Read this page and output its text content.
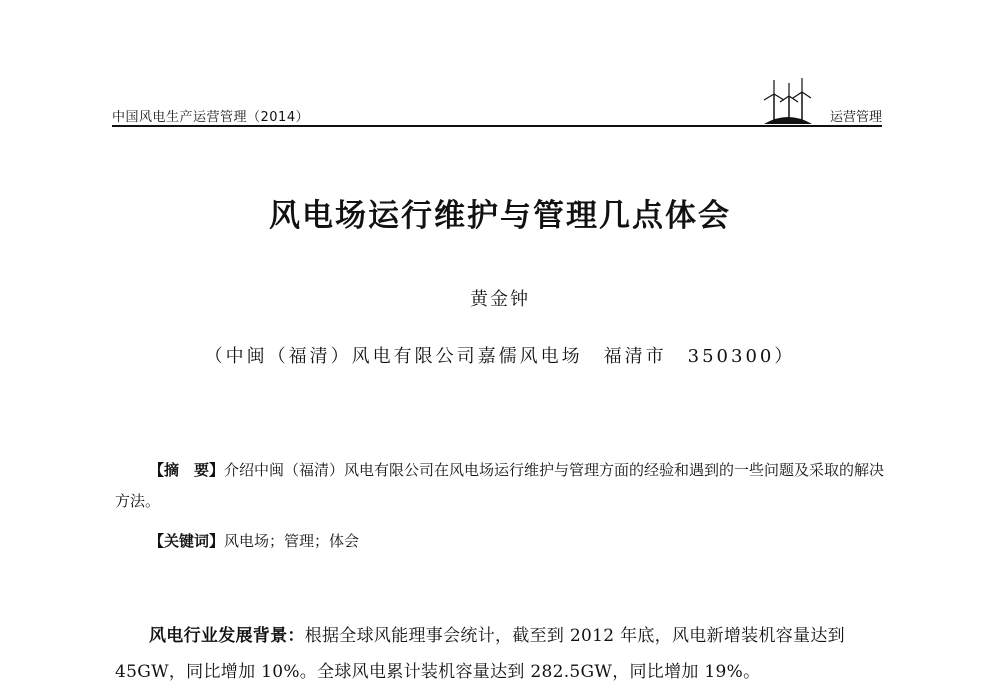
中国风电生产运营管理（2014）	运营管理
风电场运行维护与管理几点体会
黄金钟
（中闽（福清）风电有限公司嘉儒风电场　福清市　350300）
【摘　要】介绍中闽（福清）风电有限公司在风电场运行维护与管理方面的经验和遇到的一些问题及采取的解决方法。
【关键词】风电场；管理；体会
风电行业发展背景：根据全球风能理事会统计，截至到 2012 年底，风电新增装机容量达到 45GW，同比增加 10%。全球风电累计装机容量达到 282.5GW，同比增加 19%。
